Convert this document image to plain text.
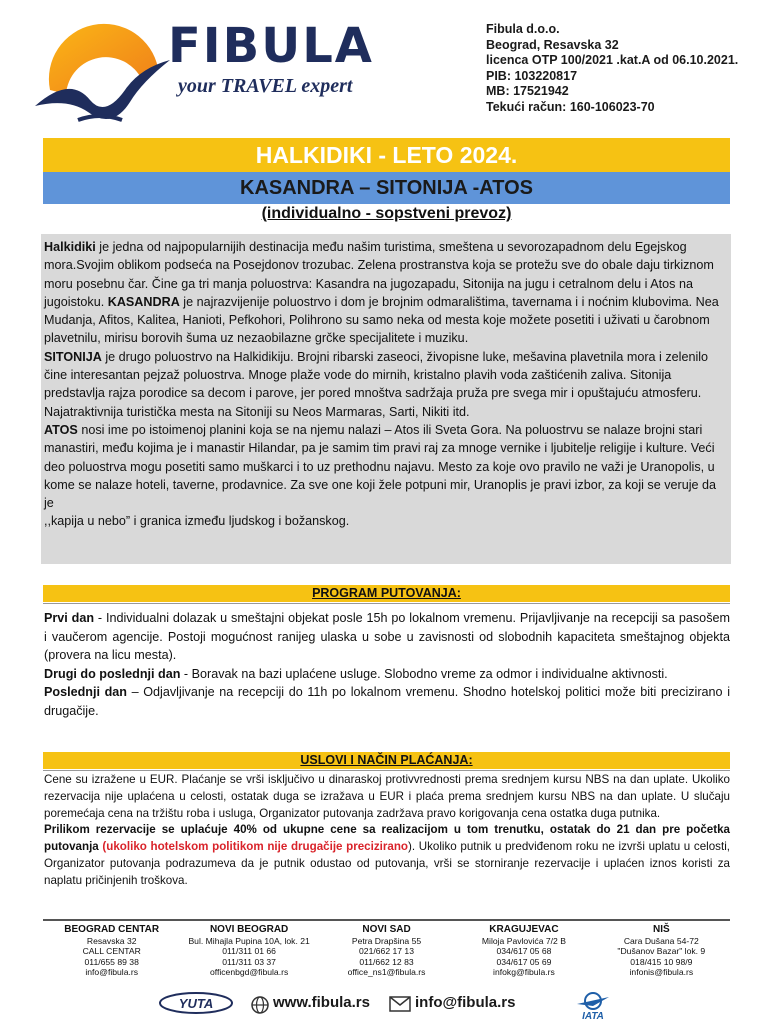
FIBULA
your TRAVEL expert
Fibula d.o.o.
Beograd, Resavska 32
licenca OTP 100/2021 .kat.A od 06.10.2021.
PIB: 103220817
MB: 17521942
Tekući račun: 160-106023-70
HALKIDIKI - LETO 2024.
KASANDRA – SITONIJA -ATOS
(individualno - sopstveni prevoz)

Halkidiki je jedna od najpopularnijih destinacija među našim turistima, smeštena u sevorozapadnom delu Egejskog mora.Svojim oblikom podseća na Posejdonov trozubac. Zelena prostranstva koja se protežu sve do obale daju tirkiznom moru posebnu čar. Čine ga tri manja poluostrva: Kasandra na jugozapadu, Sitonija na jugu i cetralnom delu i Atos na jugoistoku. KASANDRA je najrazvijenije poluostrvo i dom je brojnim odmaralištima, tavernama i i noćnim klubovima. Nea Mudanja, Afitos, Kalitea, Hanioti, Pefkohori, Polihrono su samo neka od mesta koje možete posetiti i uživati u čarobnom plavetnilu, mirisu borovih šuma uz nezaobilazne grčke specijalitete i muziku.

SITONIJA je drugo poluostrvo na Halkidikiju. Brojni ribarski zaseoci, živopisne luke, mešavina plavetnila mora i zelenilo čine interesantan pejzaž poluostrva. Mnoge plaže vode do mirnih, kristalno plavih voda zaštićenih zaliva. Sitonija predstavlja rajza porodice sa decom i parove, jer pored mnoštva sadržaja pruža pre svega mir i opuštajuću atmosferu. Najatraktivnija turistička mesta na Sitoniji su Neos Marmaras, Sarti, Nikiti itd.

ATOS nosi ime po istoimenoj planini koja se na njemu nalazi – Atos ili Sveta Gora. Na poluostrvu se nalaze brojni stari manastiri, među kojima je i manastir Hilandar, pa je samim tim pravi raj za mnoge vernike i ljubitelje religije i kulture. Veći deo poluostrva mogu posetiti samo muškarci i to uz prethodnu najavu. Mesto za koje ovo pravilo ne važi je Uranopolis, u kome se nalaze hoteli, taverne, prodavnice. Za sve one koji žele potpuni mir, Uranoplis je pravi izbor, za koji se veruje da je

,,kapija u nebo” i granica između ljudskog i božanskog.

PROGRAM PUTOVANJA:

Prvi dan - Individualni dolazak u smeštajni objekat posle 15h po lokalnom vremenu. Prijavljivanje na recepciji sa pasošem i vaučerom agencije. Postoji mogućnost ranijeg ulaska u sobe u zavisnosti od slobodnih kapaciteta smeštajnog objekta (provera na licu mesta).

Drugi do poslednji dan - Boravak na bazi uplaćene usluge. Slobodno vreme za odmor i individualne aktivnosti.

Poslednji dan – Odjavljivanje na recepciji do 11h po lokalnom vremenu. Shodno hotelskoj politici može biti precizirano i drugačije.

USLOVI I NAČIN PLAĆANJA:

Cene su izražene u EUR. Plaćanje se vrši isključivo u dinaraskoj protivvrednosti prema srednjem kursu NBS na dan uplate. Ukoliko rezervacija nije uplaćena u celosti, ostatak duga se izražava u EUR i plaća prema srednjem kursu NBS na dan uplate. U slučaju poremećaja cena na tržištu roba i usluga, Organizator putovanja zadržava pravo korigovanja cena ostatka duga putnika.

Prilikom rezervacije se uplaćuje 40% od ukupne cene sa realizacijom u tom trenutku, ostatak do 21 dan pre početka putovanja (ukoliko hotelskom politikom nije drugačije precizirano). Ukoliko putnik u predviđenom roku ne izvrši uplatu u celosti, Organizator putovanja podrazumeva da je putnik odustao od putovanja, vrši se storniranje rezervacije i uplaćen iznos koristi za naplatu pričinjenih troškova.

BEOGRAD CENTAR
Resavska 32
CALL CENTAR
011/655 89 38
info@fibula.rs
NOVI BEOGRAD
Bul. Mihajla Pupina 10A, lok. 21
011/311 01 66
011/311 03 37
officenbgd@fibula.rs
NOVI SAD
Petra Drapšina 55
021/662 17 13
011/662 12 83
office_ns1@fibula.rs
KRAGUJEVAC
Miloja Pavlovića 7/2 B
034/617 05 68
034/617 05 69
infokg@fibula.rs
NIŠ
Cara Dušana 54-72
"Dušanov Bazar" lok. 9
018/415 10 98/9
infonis@fibula.rs
YUTA	www.fibula.rs	info@fibula.rs
IATA
